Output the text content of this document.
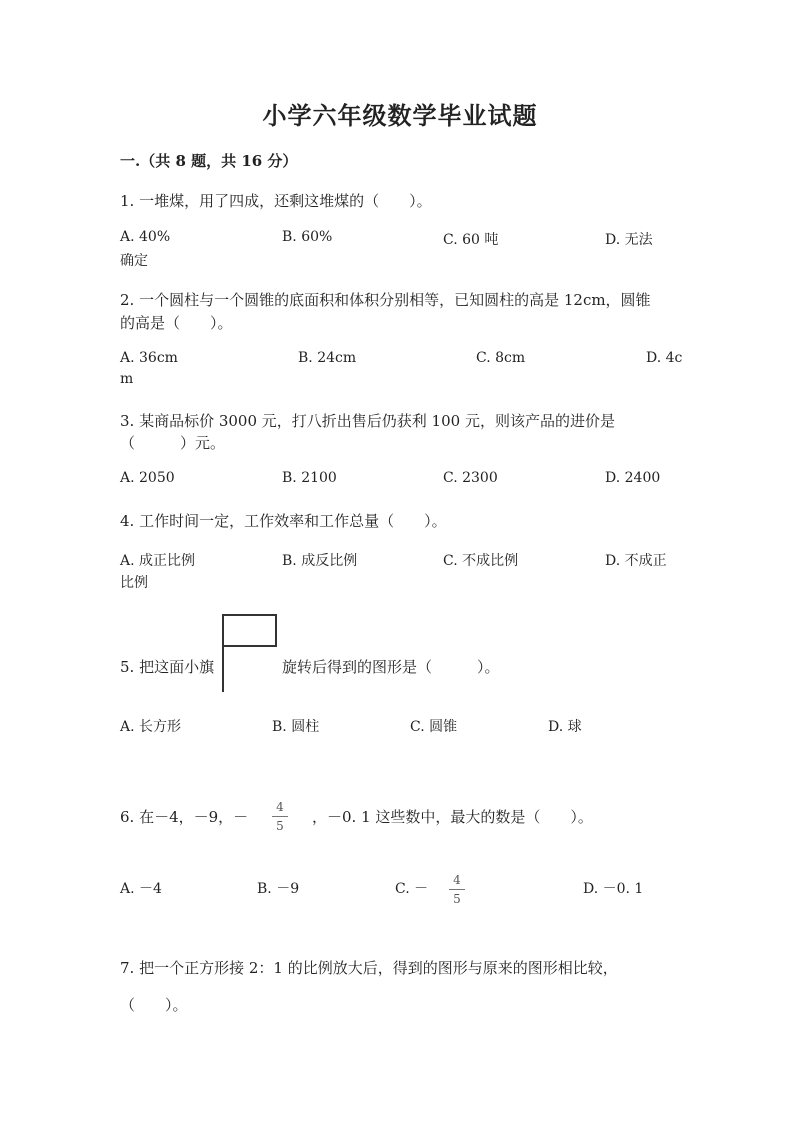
小学六年级数学毕业试题
一.（共 8 题，共 16 分）
1. 一堆煤，用了四成，还剩这堆煤的（　　）。
A. 40%	B. 60%	C. 60 吨	D. 无法
确定
2. 一个圆柱与一个圆锥的底面积和体积分别相等，已知圆柱的高是 12cm，圆锥
的高是（　　）。
A. 36cm	B. 24cm	C. 8cm	D. 4c
m
3. 某商品标价 3000 元，打八折出售后仍获利 100 元，则该产品的进价是
（　　　）元。
A. 2050	B. 2100	C. 2300	D. 2400
4. 工作时间一定，工作效率和工作总量（　　）。
A. 成正比例	B. 成反比例	C. 不成比例	D. 不成正
比例
5. 把这面小旗	旋转后得到的图形是（　　　）。
A. 长方形	B. 圆柱	C. 圆锥	D. 球
6. 在－4，－9，－
4
5 ，－0. 1 这些数中，最大的数是（　　）。
A. －4	B. －9	C. －
4
5
D. －0. 1
7. 把一个正方形接 2：1 的比例放大后，得到的图形与原来的图形相比较，
（　　）。
